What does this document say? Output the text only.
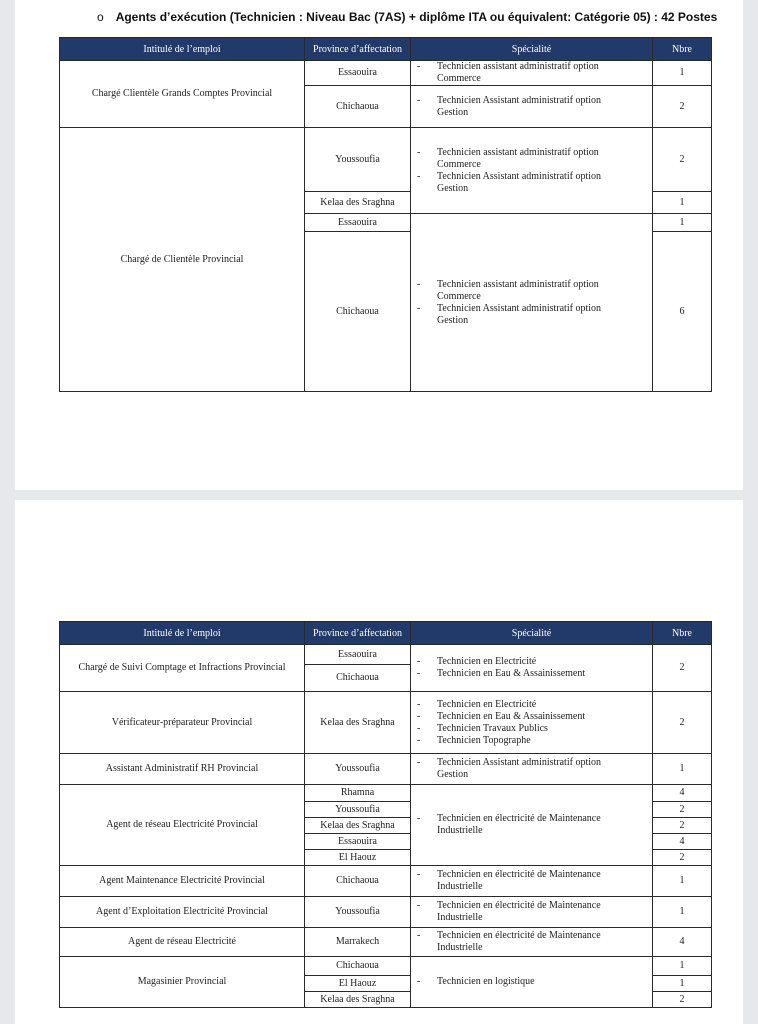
o Agents d’exécution (Technicien : Niveau Bac (7AS) + diplôme ITA ou équivalent: Catégorie 05) : 42 Postes
Intitulé de l’emploi	Province d’affectation	Spécialité	Nbre
Chargé Clientèle Grands Comptes Provincial	Essaouira	- Technicien assistant administratif option
Commerce	1
	Chichaoua	- Technicien Assistant administratif option
Gestion	2
Chargé de Clientèle Provincial	Youssoufia	- Technicien assistant administratif option
Commerce
- Technicien Assistant administratif option
Gestion	2
	Kelaa des Sraghna		1
	Essaouira	- Technicien assistant administratif option
Commerce
- Technicien Assistant administratif option
Gestion	1
	Chichaoua		6
Intitulé de l’emploi	Province d’affectation	Spécialité	Nbre
Chargé de Suivi Comptage et Infractions Provincial	Essaouira	- Technicien en Electricité
- Technicien en Eau & Assainissement	2
	Chichaoua		
Vérificateur-préparateur Provincial	Kelaa des Sraghna	- Technicien en Electricité
- Technicien en Eau & Assainissement
- Technicien Travaux Publics
- Technicien Topographe	2
Assistant Administratif RH Provincial	Youssoufia	- Technicien Assistant administratif option
Gestion	1
Agent de réseau Electricité Provincial	Rhamna	- Technicien en électricité de Maintenance
Industrielle	4
	Youssoufia		2
	Kelaa des Sraghna		2
	Essaouira		4
	El Haouz		2
Agent Maintenance Electricité Provincial	Chichaoua	- Technicien en électricité de Maintenance
Industrielle	1
Agent d’Exploitation Electricité Provincial	Youssoufia	- Technicien en électricité de Maintenance
Industrielle	1
Agent de réseau Electricité	Marrakech	- Technicien en électricité de Maintenance
Industrielle	4
Magasinier Provincial	Chichaoua	- Technicien en logistique	1
	El Haouz		1
	Kelaa des Sraghna		2
